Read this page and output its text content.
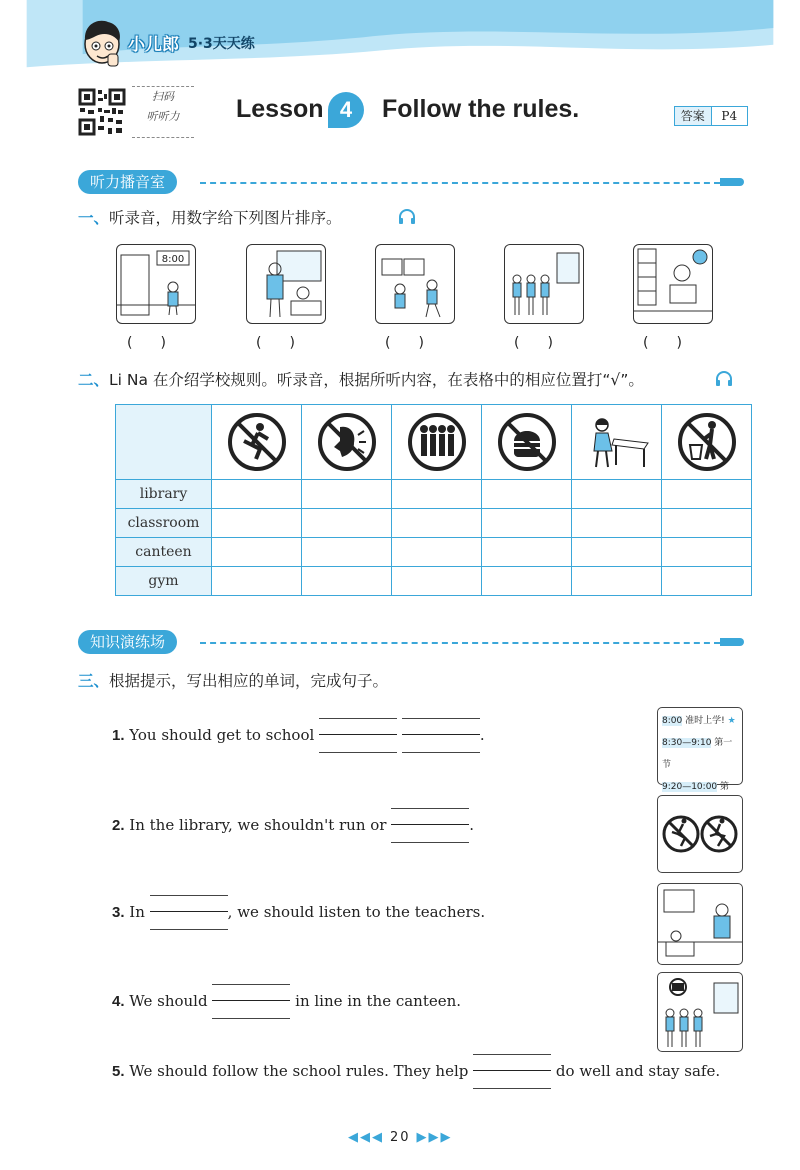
小儿郎 5·3天天练
扫码
听听力	Lesson 4	Follow the rules.	答案	P4
听力播音室
一、听录音，用数字给下列图片排序。
8:00
(　　)	(　　)	(　　)	(　　)	(　　)
二、Li Na 在介绍学校规则。听录音，根据所听内容，在表格中的相应位置打“√”。

library						
classroom						
canteen						
gym						
知识演练场
三、根据提示，写出相应的单词，完成句子。
1. You should get to school
	.
8:00 准时上学! ★
8:30—9:10 第一节
9:20—10:00 第
2. In the library, we shouldn't run or	.
3. In	, we should listen to the teachers.
4. We should	in line in the canteen.
5. We should follow the school rules. They help	do well and stay safe.
◀◀◀ 20 ▶▶▶
